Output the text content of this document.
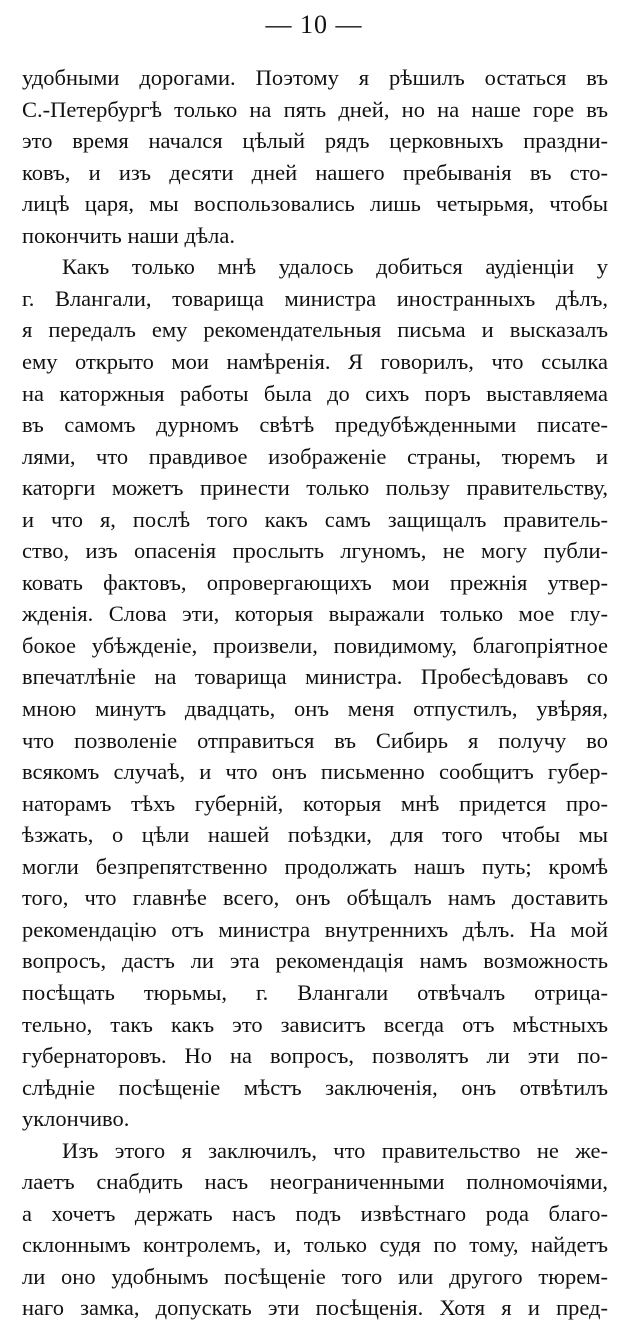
— 10 —
удобными дорогами. Поэтому я рѣшилъ остаться въ
С.-Петербургѣ только на пять дней, но на наше горе въ
это время начался цѣлый рядъ церковныхъ праздни-
ковъ, и изъ десяти дней нашего пребыванія въ сто-
лицѣ царя, мы воспользовались лишь четырьмя, чтобы
покончить наши дѣла.
Какъ только мнѣ удалось добиться аудіенціи у
г. Влангали, товарища министра иностранныхъ дѣлъ,
я передалъ ему рекомендательныя письма и высказалъ
ему открыто мои намѣренія. Я говорилъ, что ссылка
на каторжныя работы была до сихъ поръ выставляема
въ самомъ дурномъ свѣтѣ предубѣжденными писате-
лями, что правдивое изображеніе страны, тюремъ и
каторги можетъ принести только пользу правительству,
и что я, послѣ того какъ самъ защищалъ правитель-
ство, изъ опасенія прослыть лгуномъ, не могу публи-
ковать фактовъ, опровергающихъ мои прежнія утвер-
жденія. Слова эти, которыя выражали только мое глу-
бокое убѣжденіе, произвели, повидимому, благопріятное
впечатлѣніе на товарища министра. Пробесѣдовавъ со
мною минутъ двадцать, онъ меня отпустилъ, увѣряя,
что позволеніе отправиться въ Сибирь я получу во
всякомъ случаѣ, и что онъ письменно сообщитъ губер-
наторамъ тѣхъ губерній, которыя мнѣ придется про-
ѣзжать, о цѣли нашей поѣздки, для того чтобы мы
могли безпрепятственно продолжать нашъ путь; кромѣ
того, что главнѣе всего, онъ обѣщалъ намъ доставить
рекомендацію отъ министра внутреннихъ дѣлъ. На мой
вопросъ, дастъ ли эта рекомендація намъ возможность
посѣщать тюрьмы, г. Влангали отвѣчалъ отрица-
тельно, такъ какъ это зависитъ всегда отъ мѣстныхъ
губернаторовъ. Но на вопросъ, позволятъ ли эти по-
слѣдніе посѣщеніе мѣстъ заключенія, онъ отвѣтилъ
уклончиво.
Изъ этого я заключилъ, что правительство не же-
лаетъ снабдить насъ неограниченными полномочіями,
а хочетъ держать насъ подъ извѣстнаго рода благо-
склоннымъ контролемъ, и, только судя по тому, найдетъ
ли оно удобнымъ посѣщеніе того или другого тюрем-
наго замка, допускать эти посѣщенія. Хотя я и пред-
